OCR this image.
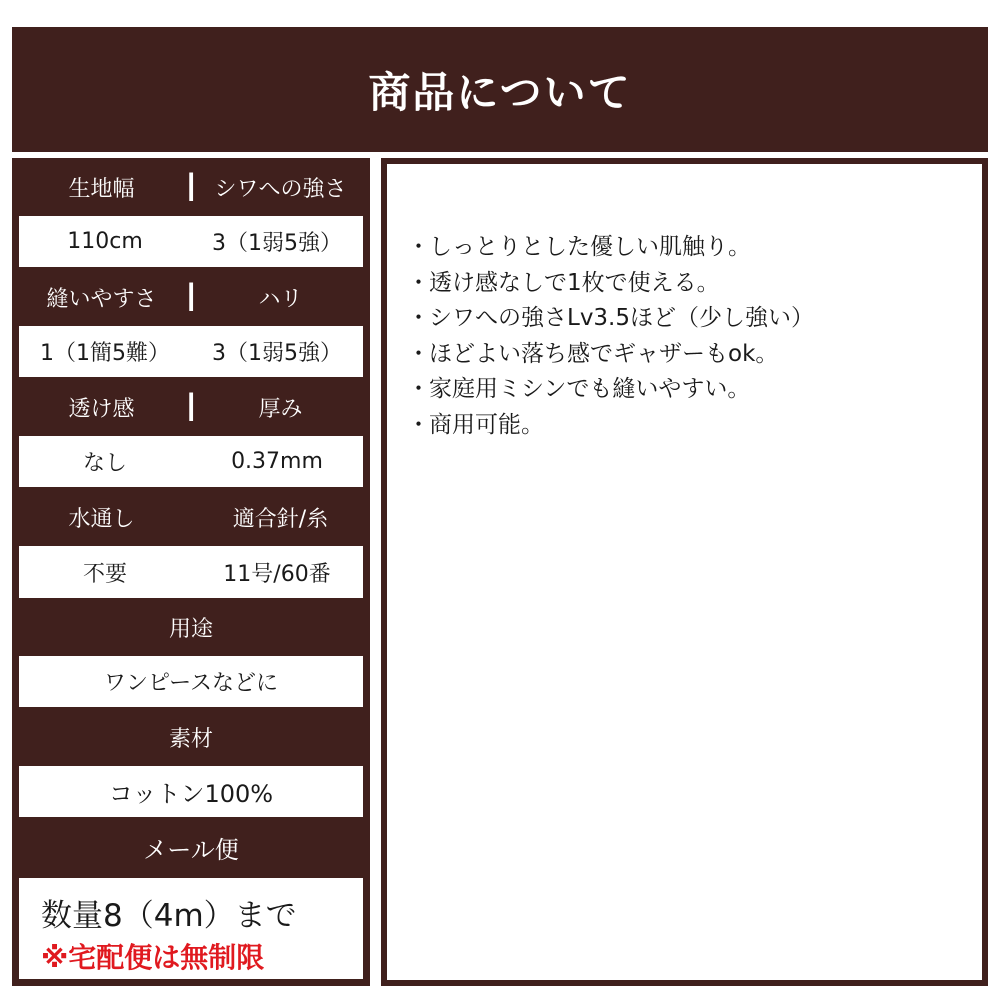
商品について
生地幅	┃ シワへの強さ
110cm	3（1弱5強）
縫いやすさ	┃	ハリ
1（1簡5難）	3（1弱5強）
透け感	┃	厚み
なし	0.37mm
水通し	適合針/糸
不要	11号/60番
用途
ワンピースなどに
素材
コットン100%
メール便
数量8（4m）まで
※宅配便は無制限
・しっとりとした優しい肌触り。
・透け感なしで1枚で使える。
・シワへの強さLv3.5ほど（少し強い）
・ほどよい落ち感でギャザーもok。
・家庭用ミシンでも縫いやすい。
・商用可能。
